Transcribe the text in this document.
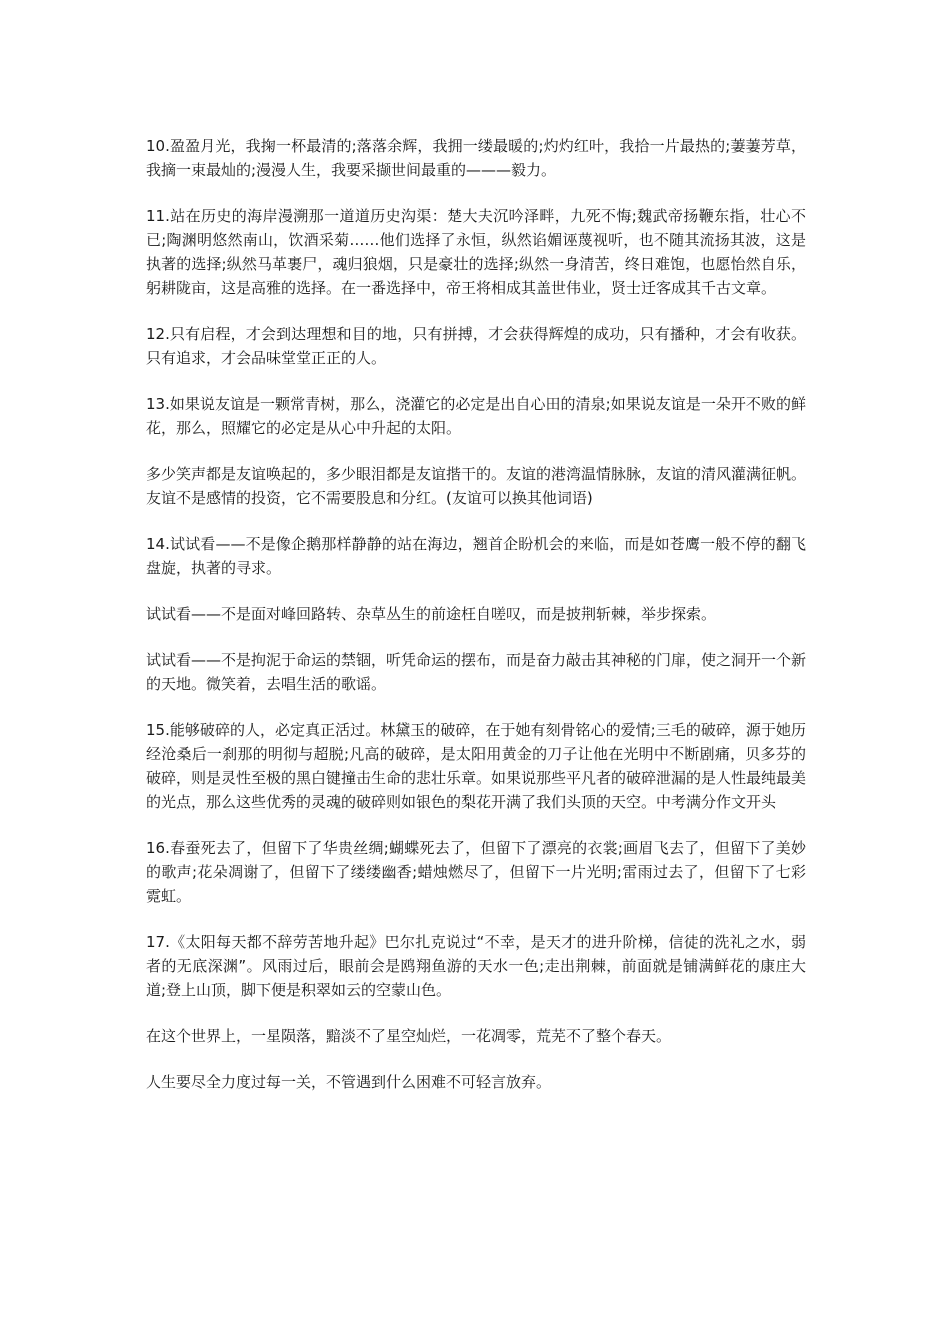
10.盈盈月光，我掬一杯最清的;落落余辉，我拥一缕最暖的;灼灼红叶，我拾一片最热的;萋萋芳草，我摘一束最灿的;漫漫人生，我要采撷世间最重的———毅力。

11.站在历史的海岸漫溯那一道道历史沟渠：楚大夫沉吟泽畔，九死不悔;魏武帝扬鞭东指，壮心不已;陶渊明悠然南山，饮酒采菊……他们选择了永恒，纵然谄媚诬蔑视听，也不随其流扬其波，这是执著的选择;纵然马革裹尸，魂归狼烟，只是豪壮的选择;纵然一身清苦，终日难饱，也愿怡然自乐，躬耕陇亩，这是高雅的选择。在一番选择中，帝王将相成其盖世伟业，贤士迁客成其千古文章。

12.只有启程，才会到达理想和目的地，只有拼搏，才会获得辉煌的成功，只有播种，才会有收获。只有追求，才会品味堂堂正正的人。

13.如果说友谊是一颗常青树，那么，浇灌它的必定是出自心田的清泉;如果说友谊是一朵开不败的鲜花，那么，照耀它的必定是从心中升起的太阳。

多少笑声都是友谊唤起的，多少眼泪都是友谊揩干的。友谊的港湾温情脉脉，友谊的清风灌满征帆。友谊不是感情的投资，它不需要股息和分红。(友谊可以换其他词语)

14.试试看——不是像企鹅那样静静的站在海边，翘首企盼机会的来临，而是如苍鹰一般不停的翻飞盘旋，执著的寻求。

试试看——不是面对峰回路转、杂草丛生的前途枉自嗟叹，而是披荆斩棘，举步探索。

试试看——不是拘泥于命运的禁锢，听凭命运的摆布，而是奋力敲击其神秘的门扉，使之洞开一个新的天地。微笑着，去唱生活的歌谣。

15.能够破碎的人，必定真正活过。林黛玉的破碎，在于她有刻骨铭心的爱情;三毛的破碎，源于她历经沧桑后一刹那的明彻与超脱;凡高的破碎，是太阳用黄金的刀子让他在光明中不断剧痛，贝多芬的破碎，则是灵性至极的黑白键撞击生命的悲壮乐章。如果说那些平凡者的破碎泄漏的是人性最纯最美的光点，那么这些优秀的灵魂的破碎则如银色的梨花开满了我们头顶的天空。中考满分作文开头

16.春蚕死去了，但留下了华贵丝绸;蝴蝶死去了，但留下了漂亮的衣裳;画眉飞去了，但留下了美妙的歌声;花朵凋谢了，但留下了缕缕幽香;蜡烛燃尽了，但留下一片光明;雷雨过去了，但留下了七彩霓虹。

17.《太阳每天都不辞劳苦地升起》巴尔扎克说过“不幸，是天才的进升阶梯，信徒的洗礼之水，弱者的无底深渊”。风雨过后，眼前会是鸥翔鱼游的天水一色;走出荆棘，前面就是铺满鲜花的康庄大道;登上山顶，脚下便是积翠如云的空蒙山色。

在这个世界上，一星陨落，黯淡不了星空灿烂，一花凋零，荒芜不了整个春天。

人生要尽全力度过每一关，不管遇到什么困难不可轻言放弃。
